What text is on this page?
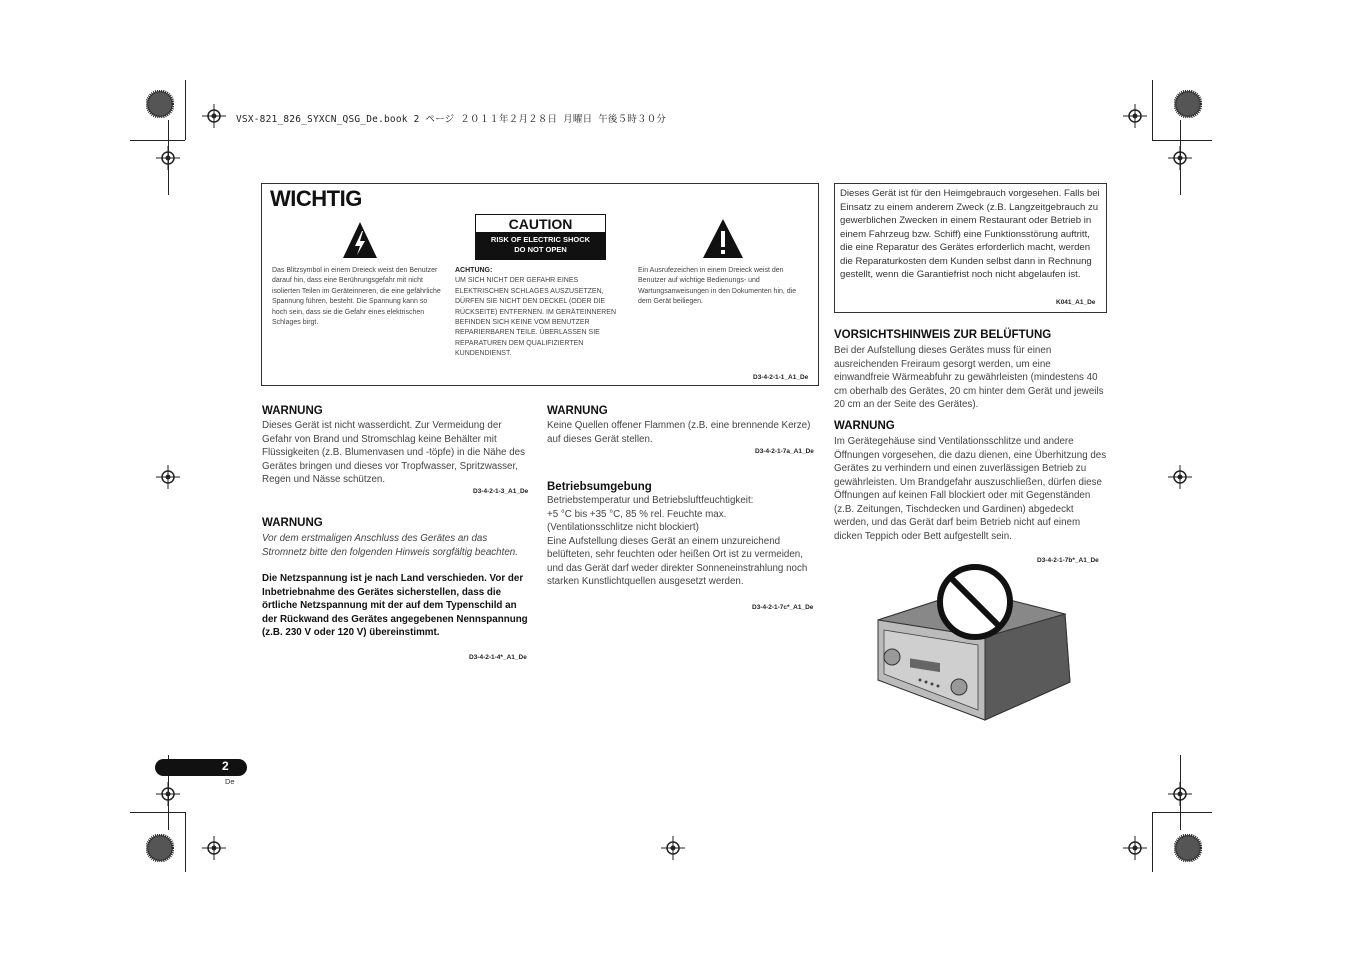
VSX-821_826_SYXCN_QSG_De.book 2 ページ ２０１１年２月２８日 月曜日 午後５時３０分
WICHTIG
CAUTION
RISK OF ELECTRIC SHOCK
DO NOT OPEN
Das Blitzsymbol in einem Dreieck weist den Benutzer darauf hin, dass eine Berührungsgefahr mit nicht isolierten Teilen im Geräteinneren, die eine gefährliche Spannung führen, besteht. Die Spannung kann so hoch sein, dass sie die Gefahr eines elektrischen Schlages birgt.
ACHTUNG:
UM SICH NICHT DER GEFAHR EINES ELEKTRISCHEN SCHLAGES AUSZUSETZEN, DÜRFEN SIE NICHT DEN DECKEL (ODER DIE RÜCKSEITE) ENTFERNEN. IM GERÄTEINNEREN BEFINDEN SICH KEINE VOM BENUTZER REPARIERBAREN TEILE. ÜBERLASSEN SIE REPARATUREN DEM QUALIFIZIERTEN KUNDENDIENST.
Ein Ausrufezeichen in einem Dreieck weist den Benutzer auf wichtige Bedienungs- und Wartungsanweisungen in den Dokumenten hin, die dem Gerät beiliegen.
D3-4-2-1-1_A1_De
Dieses Gerät ist für den Heimgebrauch vorgesehen. Falls bei Einsatz zu einem anderem Zweck (z.B. Langzeitgebrauch zu gewerblichen Zwecken in einem Restaurant oder Betrieb in einem Fahrzeug bzw. Schiff) eine Funktionsstörung auftritt, die eine Reparatur des Gerätes erforderlich macht, werden die Reparaturkosten dem Kunden selbst dann in Rechnung gestellt, wenn die Garantiefrist noch nicht abgelaufen ist.
K041_A1_De
WARNUNG
Dieses Gerät ist nicht wasserdicht. Zur Vermeidung der Gefahr von Brand und Stromschlag keine Behälter mit Flüssigkeiten (z.B. Blumenvasen und -töpfe) in die Nähe des Gerätes bringen und dieses vor Tropfwasser, Spritzwasser, Regen und Nässe schützen.
D3-4-2-1-3_A1_De
WARNUNG
Vor dem erstmaligen Anschluss des Gerätes an das Stromnetz bitte den folgenden Hinweis sorgfältig beachten.
Die Netzspannung ist je nach Land verschieden. Vor der Inbetriebnahme des Gerätes sicherstellen, dass die örtliche Netzspannung mit der auf dem Typenschild an der Rückwand des Gerätes angegebenen Nennspannung (z.B. 230 V oder 120 V) übereinstimmt.
D3-4-2-1-4*_A1_De
WARNUNG
Keine Quellen offener Flammen (z.B. eine brennende Kerze) auf dieses Gerät stellen.
D3-4-2-1-7a_A1_De
Betriebsumgebung
Betriebstemperatur und Betriebsluftfeuchtigkeit:
+5 °C bis +35 °C, 85 % rel. Feuchte max.
(Ventilationsschlitze nicht blockiert)
Eine Aufstellung dieses Gerät an einem unzureichend belüfteten, sehr feuchten oder heißen Ort ist zu vermeiden, und das Gerät darf weder direkter Sonneneinstrahlung noch starken Kunstlichtquellen ausgesetzt werden.
D3-4-2-1-7c*_A1_De
VORSICHTSHINWEIS ZUR BELÜFTUNG
Bei der Aufstellung dieses Gerätes muss für einen ausreichenden Freiraum gesorgt werden, um eine einwandfreie Wärmeabfuhr zu gewährleisten (mindestens 40 cm oberhalb des Gerätes, 20 cm hinter dem Gerät und jeweils 20 cm an der Seite des Gerätes).
WARNUNG
Im Gerätegehäuse sind Ventilationsschlitze und andere Öffnungen vorgesehen, die dazu dienen, eine Überhitzung des Gerätes zu verhindern und einen zuverlässigen Betrieb zu gewährleisten. Um Brandgefahr auszuschließen, dürfen diese Öffnungen auf keinen Fall blockiert oder mit Gegenständen (z.B. Zeitungen, Tischdecken und Gardinen) abgedeckt werden, und das Gerät darf beim Betrieb nicht auf einem dicken Teppich oder Bett aufgestellt sein.
D3-4-2-1-7b*_A1_De
2
De
